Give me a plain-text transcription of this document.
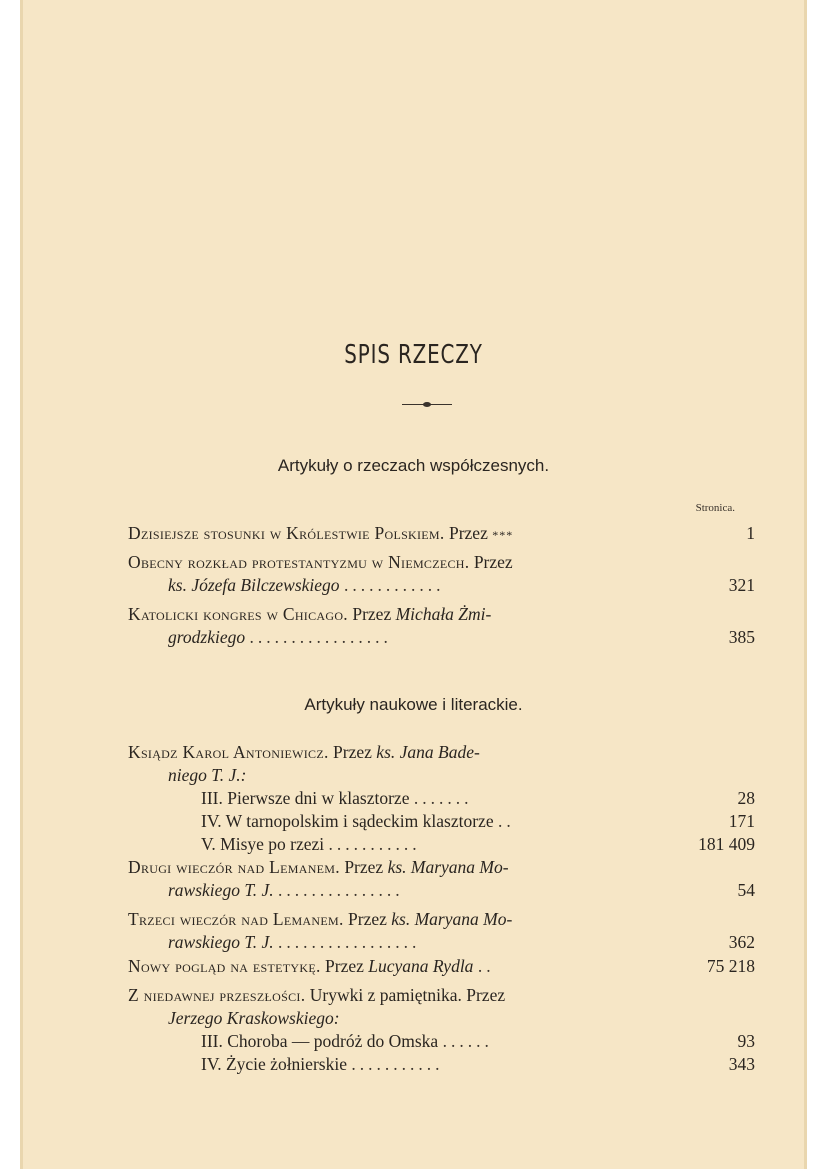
SPIS RZECZY
Artykuły o rzeczach współczesnych.
Stronica.
Dzisiejsze stosunki w Królestwie Polskiem. Przez ***	1
Obecny rozkład protestantyzmu w Niemczech. Przez
ks. Józefa Bilczewskiego ............	321
Katolicki kongres w Chicago. Przez Michała Żmi-
grodzkiego .................	385
Artykuły naukowe i literackie.
Ksiądz Karol Antoniewicz. Przez ks. Jana Bade-
niego T. J.:
III. Pierwsze dni w klasztorze .......	28
IV. W tarnopolskim i sądeckim klasztorze ..	171
V. Misye po rzezi ...........	181 409
Drugi wieczór nad Lemanem. Przez ks. Maryana Mo-
rawskiego T. J. ...............	54
Trzeci wieczór nad Lemanem. Przez ks. Maryana Mo-
rawskiego T. J. .................	362
Nowy pogląd na estetykę. Przez Lucyana Rydla ..	75 218
Z niedawnej przeszłości. Urywki z pamiętnika. Przez
Jerzego Kraskowskiego:
III. Choroba — podróż do Omska ......	93
IV. Życie żołnierskie ...........	343
